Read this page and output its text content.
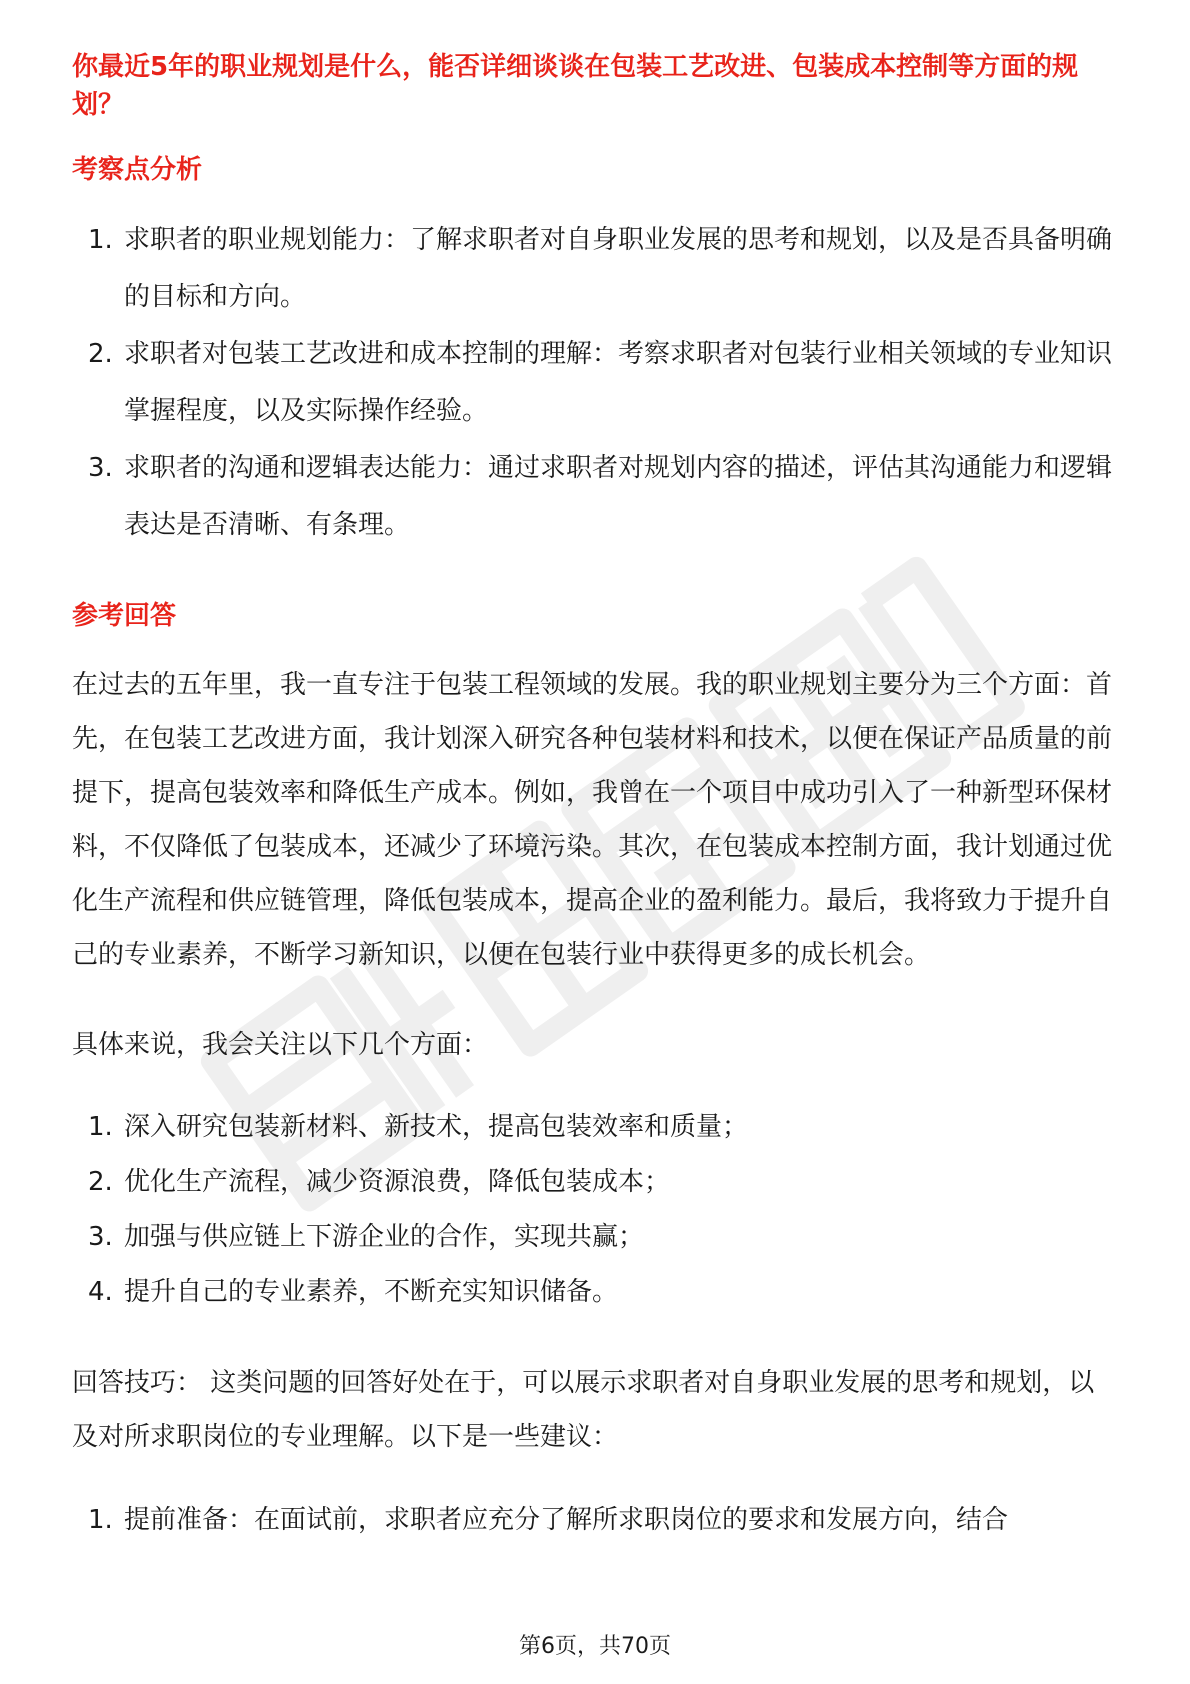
你最近5年的职业规划是什么，能否详细谈谈在包装工艺改进、包装成本控制等方面的规划？
考察点分析
1. 求职者的职业规划能力：了解求职者对自身职业发展的思考和规划，以及是否具备明确的目标和方向。
2. 求职者对包装工艺改进和成本控制的理解：考察求职者对包装行业相关领域的专业知识掌握程度，以及实际操作经验。
3. 求职者的沟通和逻辑表达能力：通过求职者对规划内容的描述，评估其沟通能力和逻辑表达是否清晰、有条理。
参考回答

在过去的五年里，我一直专注于包装工程领域的发展。我的职业规划主要分为三个方面：首先，在包装工艺改进方面，我计划深入研究各种包装材料和技术，以便在保证产品质量的前提下，提高包装效率和降低生产成本。例如，我曾在一个项目中成功引入了一种新型环保材料，不仅降低了包装成本，还减少了环境污染。其次，在包装成本控制方面，我计划通过优化生产流程和供应链管理，降低包装成本，提高企业的盈利能力。最后，我将致力于提升自己的专业素养，不断学习新知识，以便在包装行业中获得更多的成长机会。

具体来说，我会关注以下几个方面：

1. 深入研究包装新材料、新技术，提高包装效率和质量；
2. 优化生产流程，减少资源浪费，降低包装成本；
3. 加强与供应链上下游企业的合作，实现共赢；
4. 提升自己的专业素养，不断充实知识储备。

回答技巧： 这类问题的回答好处在于，可以展示求职者对自身职业发展的思考和规划，以及对所求职岗位的专业理解。以下是一些建议：

1. 提前准备：在面试前，求职者应充分了解所求职岗位的要求和发展方向，结合
第6页，共70页
